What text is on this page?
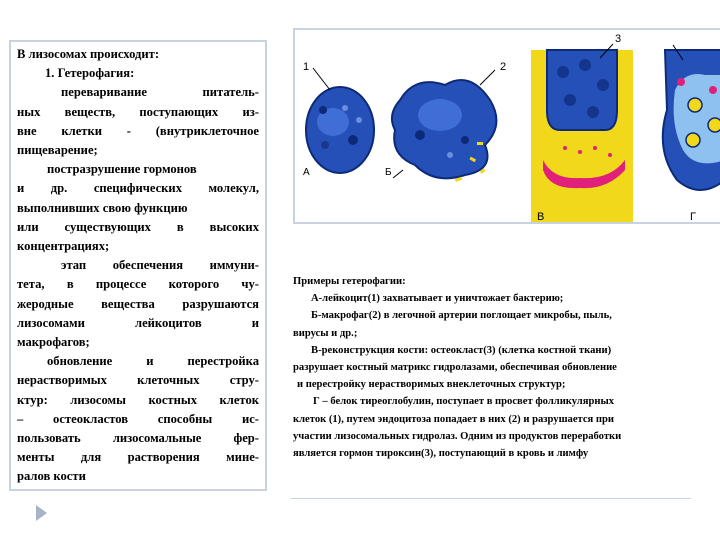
В лизосомах происходит:
1. Гетерофагия:
переваривание питатель-
ных веществ, поступающих из-
вне клетки - (внутриклеточное
пищеварение;
постразрушение гормонов
и др. специфических молекул,
выполнивших свою функцию
или существующих в высоких
концентрациях;
этап обеспечения иммуни-
тета, в процессе которого чу-
жеродные вещества разрушаются
лизосомами лейкоцитов и
макрофагов;
обновление и перестройка
нерастворимых клеточных стру-
ктур: лизосомы костных клеток
– остеокластов способны ис-
пользовать лизосомальные фер-
менты для растворения мине-
ралов кости
1	2
3
А	Б
В	Г
Примеры гетерофагии:
А-лейкоцит(1) захватывает и уничтожает бактерию;
Б-макрофаг(2) в легочной артерии поглощает микробы, пыль,
вирусы и др.;
В-реконструкция кости: остеокласт(3) (клетка костной ткани)
разрушает костный матрикс гидролазами, обеспечивая обновление
и перестройку нерастворимых внеклеточных структур;
Г – белок тиреоглобулин, поступает в просвет фолликулярных
клеток (1), путем эндоцитоза попадает в них (2) и разрушается при
участии лизосомальных гидролаз. Одним из продуктов переработки
является гормон тироксин(3), поступающий в кровь и лимфу
